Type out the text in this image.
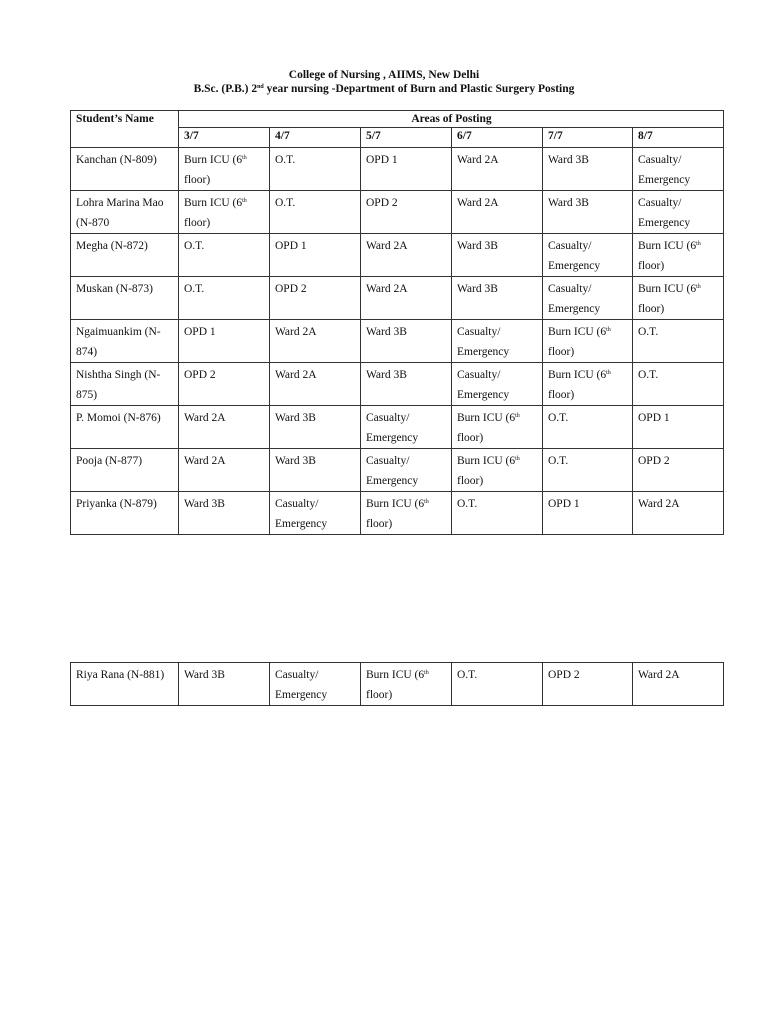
College of Nursing , AIIMS, New Delhi
B.Sc. (P.B.) 2nd year nursing -Department of Burn and Plastic Surgery Posting
Student’s Name	Areas of Posting					
	3/7	4/7	5/7	6/7	7/7	8/7
Kanchan (N-809)	Burn ICU (6th floor)	O.T.	OPD 1	Ward 2A	Ward 3B	Casualty/ Emergency
Lohra Marina Mao (N-870	Burn ICU (6th floor)	O.T.	OPD 2	Ward 2A	Ward 3B	Casualty/ Emergency
Megha (N-872)	O.T.	OPD 1	Ward 2A	Ward 3B	Casualty/ Emergency	Burn ICU (6th floor)
Muskan (N-873)	O.T.	OPD 2	Ward 2A	Ward 3B	Casualty/ Emergency	Burn ICU (6th floor)
Ngaimuankim (N-874)	OPD 1	Ward 2A	Ward 3B	Casualty/ Emergency	Burn ICU (6th floor)	O.T.
Nishtha Singh (N-875)	OPD 2	Ward 2A	Ward 3B	Casualty/ Emergency	Burn ICU (6th floor)	O.T.
P. Momoi (N-876)	Ward 2A	Ward 3B	Casualty/ Emergency	Burn ICU (6th floor)	O.T.	OPD 1
Pooja (N-877)	Ward 2A	Ward 3B	Casualty/ Emergency	Burn ICU (6th floor)	O.T.	OPD 2
Priyanka (N-879)	Ward 3B	Casualty/ Emergency	Burn ICU (6th floor)	O.T.	OPD 1	Ward 2A
Riya Rana (N-881)	Ward 3B	Casualty/ Emergency	Burn ICU (6th floor)	O.T.	OPD 2	Ward 2A
